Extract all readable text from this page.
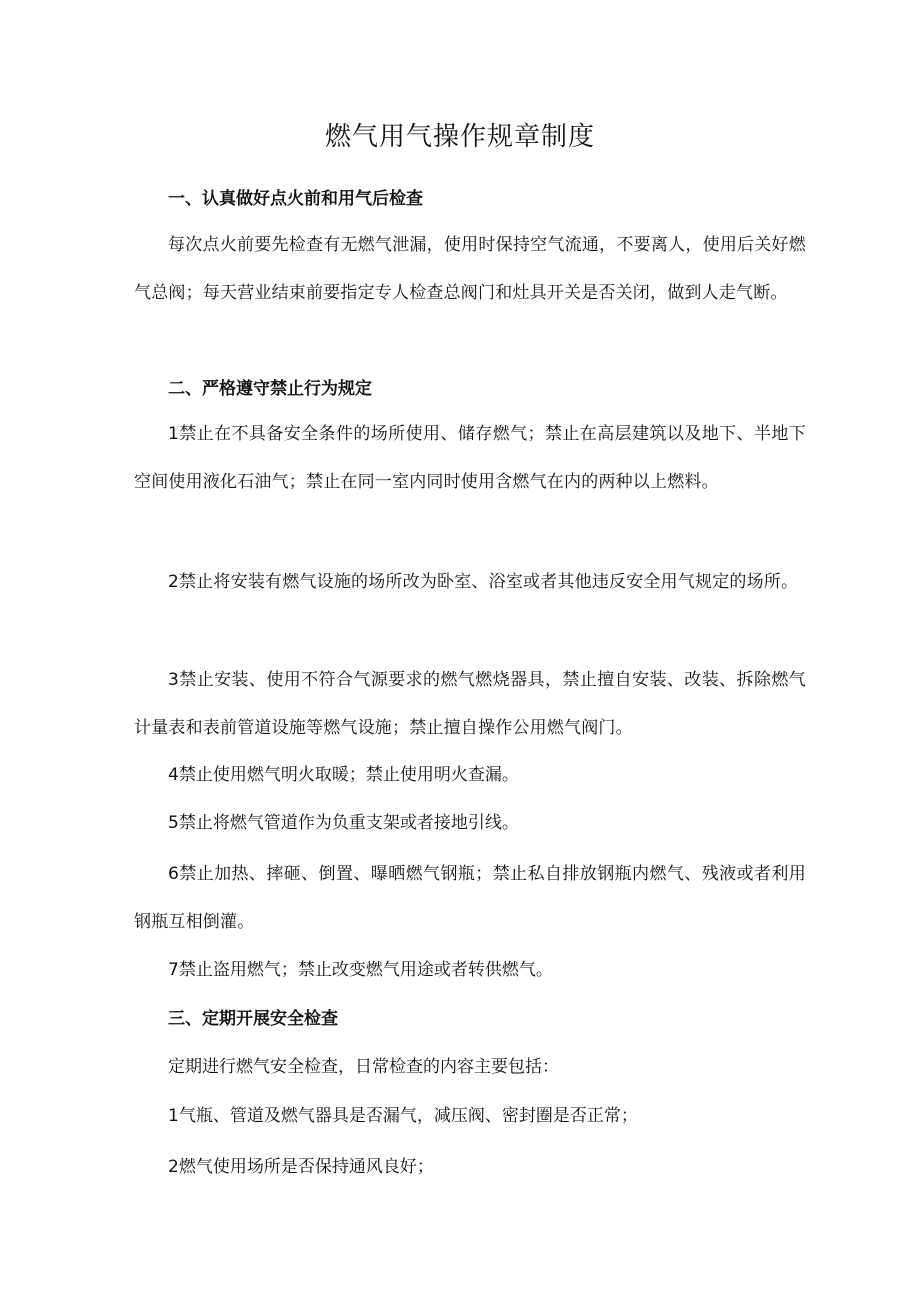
燃气用气操作规章制度
一、认真做好点火前和用气后检查
每次点火前要先检查有无燃气泄漏，使用时保持空气流通，不要离人，使用后关好燃气总阀；每天营业结束前要指定专人检查总阀门和灶具开关是否关闭，做到人走气断。
二、严格遵守禁止行为规定
1禁止在不具备安全条件的场所使用、储存燃气；禁止在高层建筑以及地下、半地下空间使用液化石油气；禁止在同一室内同时使用含燃气在内的两种以上燃料。
2禁止将安装有燃气设施的场所改为卧室、浴室或者其他违反安全用气规定的场所。
3禁止安装、使用不符合气源要求的燃气燃烧器具，禁止擅自安装、改装、拆除燃气计量表和表前管道设施等燃气设施；禁止擅自操作公用燃气阀门。
4禁止使用燃气明火取暖；禁止使用明火查漏。
5禁止将燃气管道作为负重支架或者接地引线。
6禁止加热、摔砸、倒置、曝晒燃气钢瓶；禁止私自排放钢瓶内燃气、残液或者利用钢瓶互相倒灌。
7禁止盗用燃气；禁止改变燃气用途或者转供燃气。
三、定期开展安全检查
定期进行燃气安全检查，日常检查的内容主要包括：
1气瓶、管道及燃气器具是否漏气，减压阀、密封圈是否正常；
2燃气使用场所是否保持通风良好；
